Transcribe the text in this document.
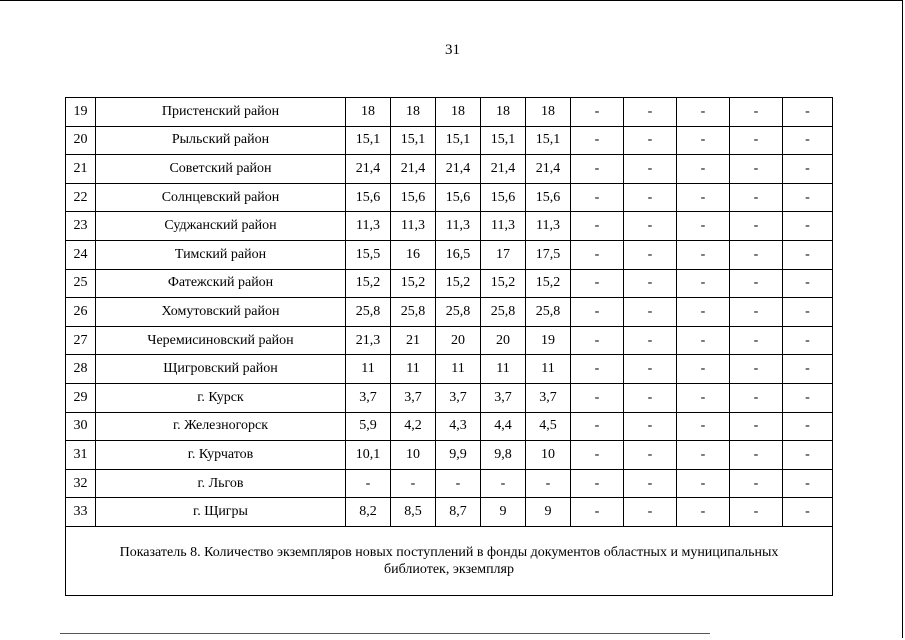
31
19	Пристенский район	18	18	18	18	18	-	-	-	-	-
20	Рыльский район	15,1	15,1	15,1	15,1	15,1	-	-	-	-	-
21	Советский район	21,4	21,4	21,4	21,4	21,4	-	-	-	-	-
22	Солнцевский район	15,6	15,6	15,6	15,6	15,6	-	-	-	-	-
23	Суджанский район	11,3	11,3	11,3	11,3	11,3	-	-	-	-	-
24	Тимский район	15,5	16	16,5	17	17,5	-	-	-	-	-
25	Фатежский район	15,2	15,2	15,2	15,2	15,2	-	-	-	-	-
26	Хомутовский район	25,8	25,8	25,8	25,8	25,8	-	-	-	-	-
27	Черемисиновский район	21,3	21	20	20	19	-	-	-	-	-
28	Щигровский район	11	11	11	11	11	-	-	-	-	-
29	г. Курск	3,7	3,7	3,7	3,7	3,7	-	-	-	-	-
30	г. Железногорск	5,9	4,2	4,3	4,4	4,5	-	-	-	-	-
31	г. Курчатов	10,1	10	9,9	9,8	10	-	-	-	-	-
32	г. Льгов	-	-	-	-	-	-	-	-	-	-
33	г. Щигры	8,2	8,5	8,7	9	9	-	-	-	-	-
Показатель 8. Количество экземпляров новых поступлений в фонды документов областных и муниципальных библиотек, экземпляр											
